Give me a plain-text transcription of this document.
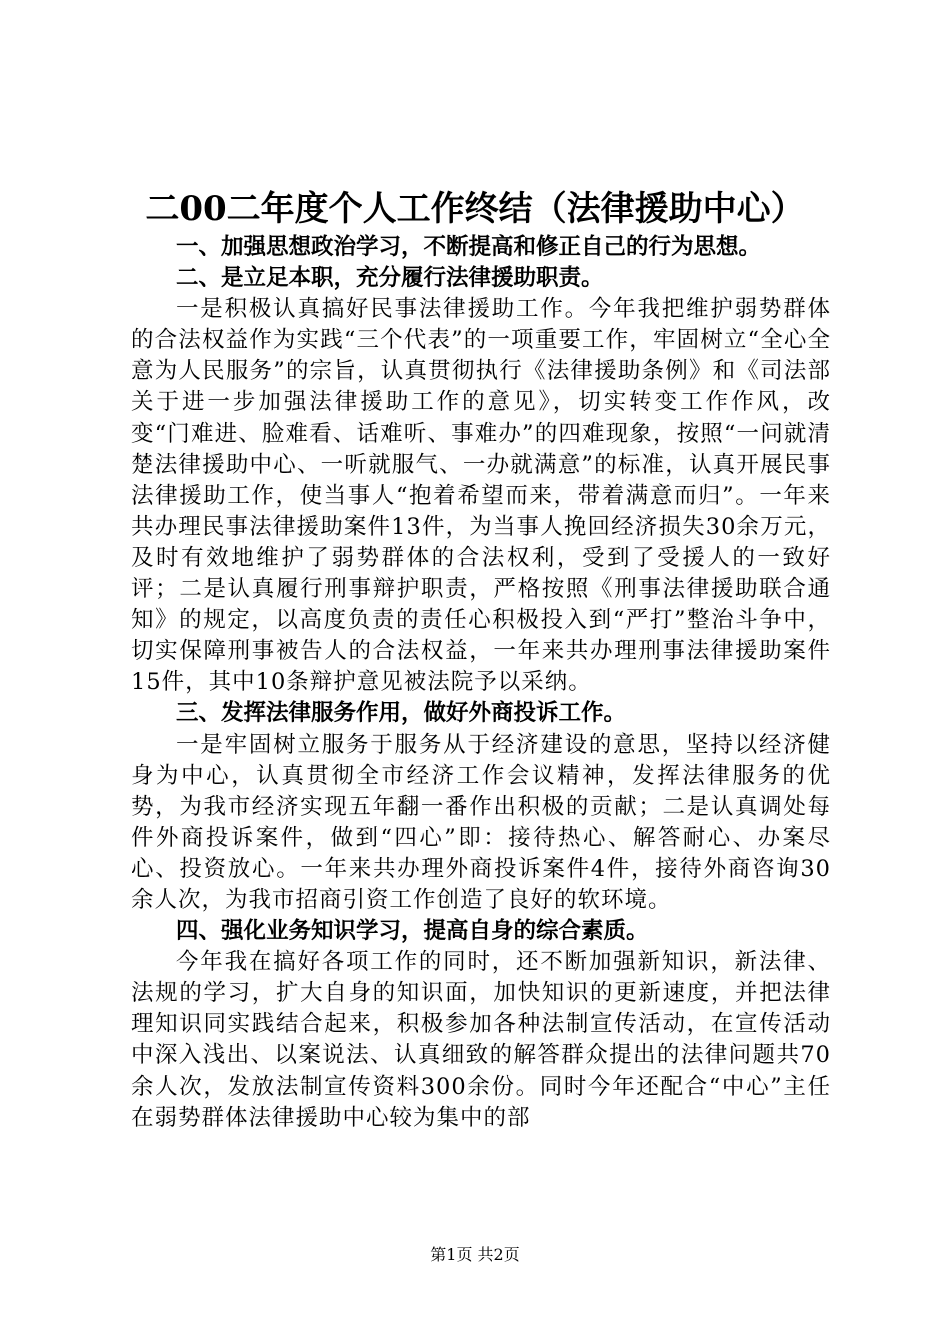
二00二年度个人工作终结（法律援助中心）

一、加强思想政治学习，不断提高和修正自己的行为思想。

二、是立足本职，充分履行法律援助职责。

一是积极认真搞好民事法律援助工作。今年我把维护弱势群体的合法权益作为实践“三个代表”的一项重要工作，牢固树立“全心全意为人民服务”的宗旨，认真贯彻执行《法律援助条例》和《司法部关于进一步加强法律援助工作的意见》，切实转变工作作风，改变“门难进、脸难看、话难听、事难办”的四难现象，按照“一问就清楚法律援助中心、一听就服气、一办就满意”的标准，认真开展民事法律援助工作，使当事人“抱着希望而来，带着满意而归”。一年来共办理民事法律援助案件13件，为当事人挽回经济损失30余万元，及时有效地维护了弱势群体的合法权利，受到了受援人的一致好评；二是认真履行刑事辩护职责，严格按照《刑事法律援助联合通知》的规定，以高度负责的责任心积极投入到“严打”整治斗争中，切实保障刑事被告人的合法权益，一年来共办理刑事法律援助案件15件，其中10条辩护意见被法院予以采纳。

三、发挥法律服务作用，做好外商投诉工作。

一是牢固树立服务于服务从于经济建设的意思，坚持以经济健身为中心，认真贯彻全市经济工作会议精神，发挥法律服务的优势，为我市经济实现五年翻一番作出积极的贡献；二是认真调处每件外商投诉案件，做到“四心”即：接待热心、解答耐心、办案尽心、投资放心。一年来共办理外商投诉案件4件，接待外商咨询30余人次，为我市招商引资工作创造了良好的软环境。

四、强化业务知识学习，提高自身的综合素质。

今年我在搞好各项工作的同时，还不断加强新知识，新法律、法规的学习，扩大自身的知识面，加快知识的更新速度，并把法律理知识同实践结合起来，积极参加各种法制宣传活动，在宣传活动中深入浅出、以案说法、认真细致的解答群众提出的法律问题共70余人次，发放法制宣传资料300余份。同时今年还配合“中心”主任在弱势群体法律援助中心较为集中的部

第1页 共2页
